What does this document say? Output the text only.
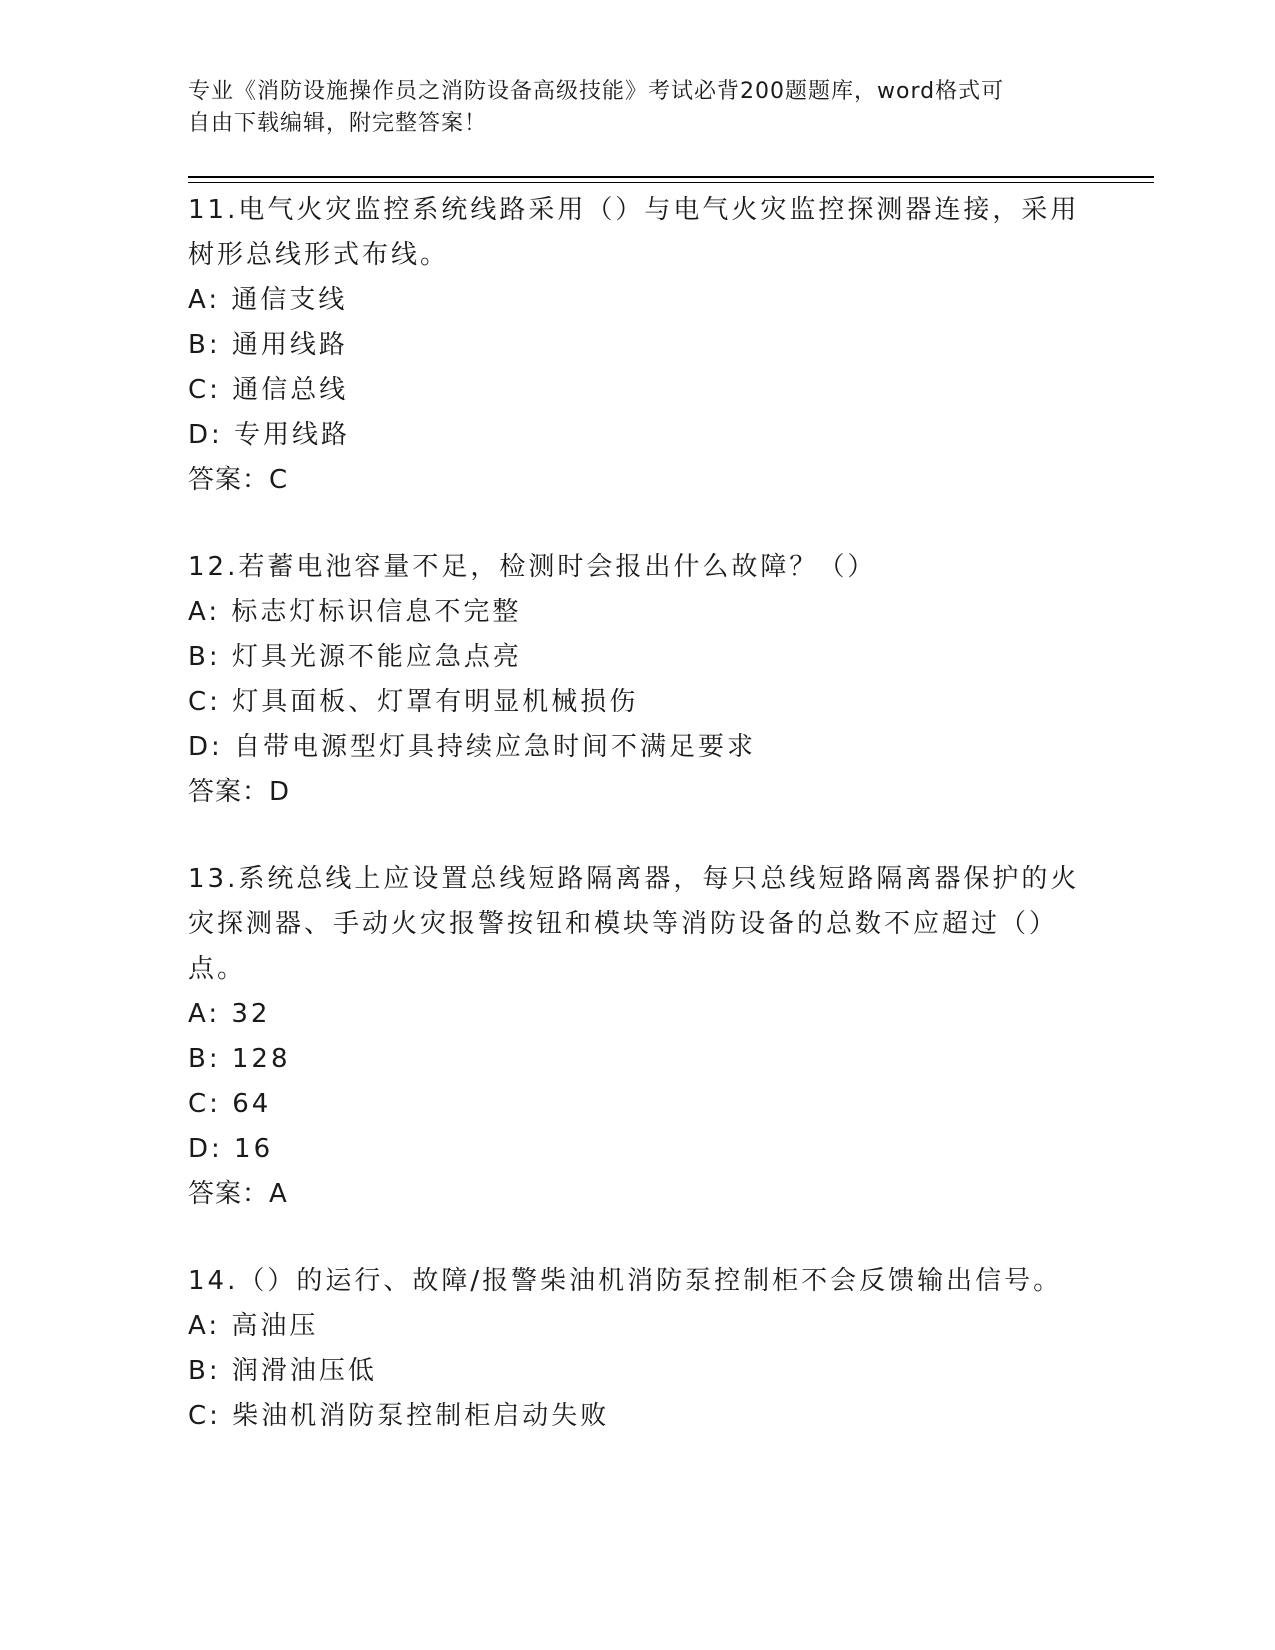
专业《消防设施操作员之消防设备高级技能》考试必背200题题库，word格式可
自由下载编辑，附完整答案！
11.电气火灾监控系统线路采用（）与电气火灾监控探测器连接，采用树形总线形式布线。
A: 通信支线
B: 通用线路
C: 通信总线
D: 专用线路
答案：C
12.若蓄电池容量不足，检测时会报出什么故障？（）
A: 标志灯标识信息不完整
B: 灯具光源不能应急点亮
C: 灯具面板、灯罩有明显机械损伤
D: 自带电源型灯具持续应急时间不满足要求
答案：D
13.系统总线上应设置总线短路隔离器，每只总线短路隔离器保护的火灾探测器、手动火灾报警按钮和模块等消防设备的总数不应超过（）点。
A: 32
B: 128
C: 64
D: 16
答案：A
14.（）的运行、故障/报警柴油机消防泵控制柜不会反馈输出信号。
A: 高油压
B: 润滑油压低
C: 柴油机消防泵控制柜启动失败
